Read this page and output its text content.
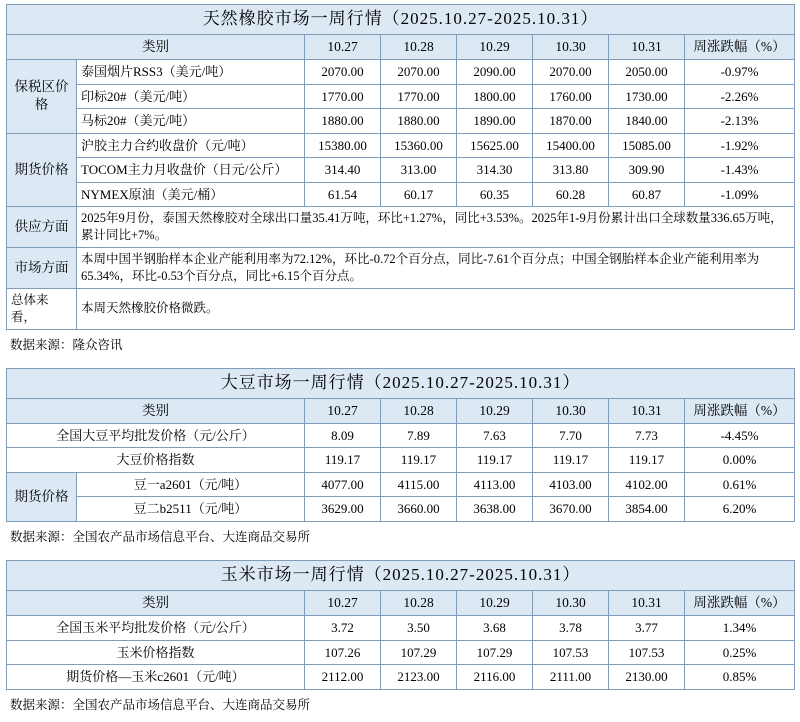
天然橡胶市场一周行情（2025.10.27-2025.10.31）							
类别		10.27	10.28	10.29	10.30	10.31	周涨跌幅（%）
保税区价格	泰国烟片RSS3（美元/吨）	2070.00	2070.00	2090.00	2070.00	2050.00	-0.97%
	印标20#（美元/吨）	1770.00	1770.00	1800.00	1760.00	1730.00	-2.26%
	马标20#（美元/吨）	1880.00	1880.00	1890.00	1870.00	1840.00	-2.13%
期货价格	沪胶主力合约收盘价（元/吨）	15380.00	15360.00	15625.00	15400.00	15085.00	-1.92%
	TOCOM主力月收盘价（日元/公斤）	314.40	313.00	314.30	313.80	309.90	-1.43%
	NYMEX原油（美元/桶）	61.54	60.17	60.35	60.28	60.87	-1.09%
供应方面	2025年9月份，泰国天然橡胶对全球出口量35.41万吨，环比+1.27%，同比+3.53%。2025年1-9月份累计出口全球数量336.65万吨，累计同比+7%。						
市场方面	本周中国半钢胎样本企业产能利用率为72.12%，环比-0.72个百分点，同比-7.61个百分点；中国全钢胎样本企业产能利用率为65.34%，环比-0.53个百分点，同比+6.15个百分点。						
总体来看，	本周天然橡胶价格微跌。						
数据来源：隆众咨讯
大豆市场一周行情（2025.10.27-2025.10.31）							
类别		10.27	10.28	10.29	10.30	10.31	周涨跌幅（%）
全国大豆平均批发价格（元/公斤）		8.09	7.89	7.63	7.70	7.73	-4.45%
大豆价格指数		119.17	119.17	119.17	119.17	119.17	0.00%
期货价格	豆一a2601（元/吨）	4077.00	4115.00	4113.00	4103.00	4102.00	0.61%
	豆二b2511（元/吨）	3629.00	3660.00	3638.00	3670.00	3854.00	6.20%
数据来源：全国农产品市场信息平台、大连商品交易所
玉米市场一周行情（2025.10.27-2025.10.31）						
类别	10.27	10.28	10.29	10.30	10.31	周涨跌幅（%）
全国玉米平均批发价格（元/公斤）	3.72	3.50	3.68	3.78	3.77	1.34%
玉米价格指数	107.26	107.29	107.29	107.53	107.53	0.25%
期货价格—玉米c2601（元/吨）	2112.00	2123.00	2116.00	2111.00	2130.00	0.85%
数据来源：全国农产品市场信息平台、大连商品交易所
